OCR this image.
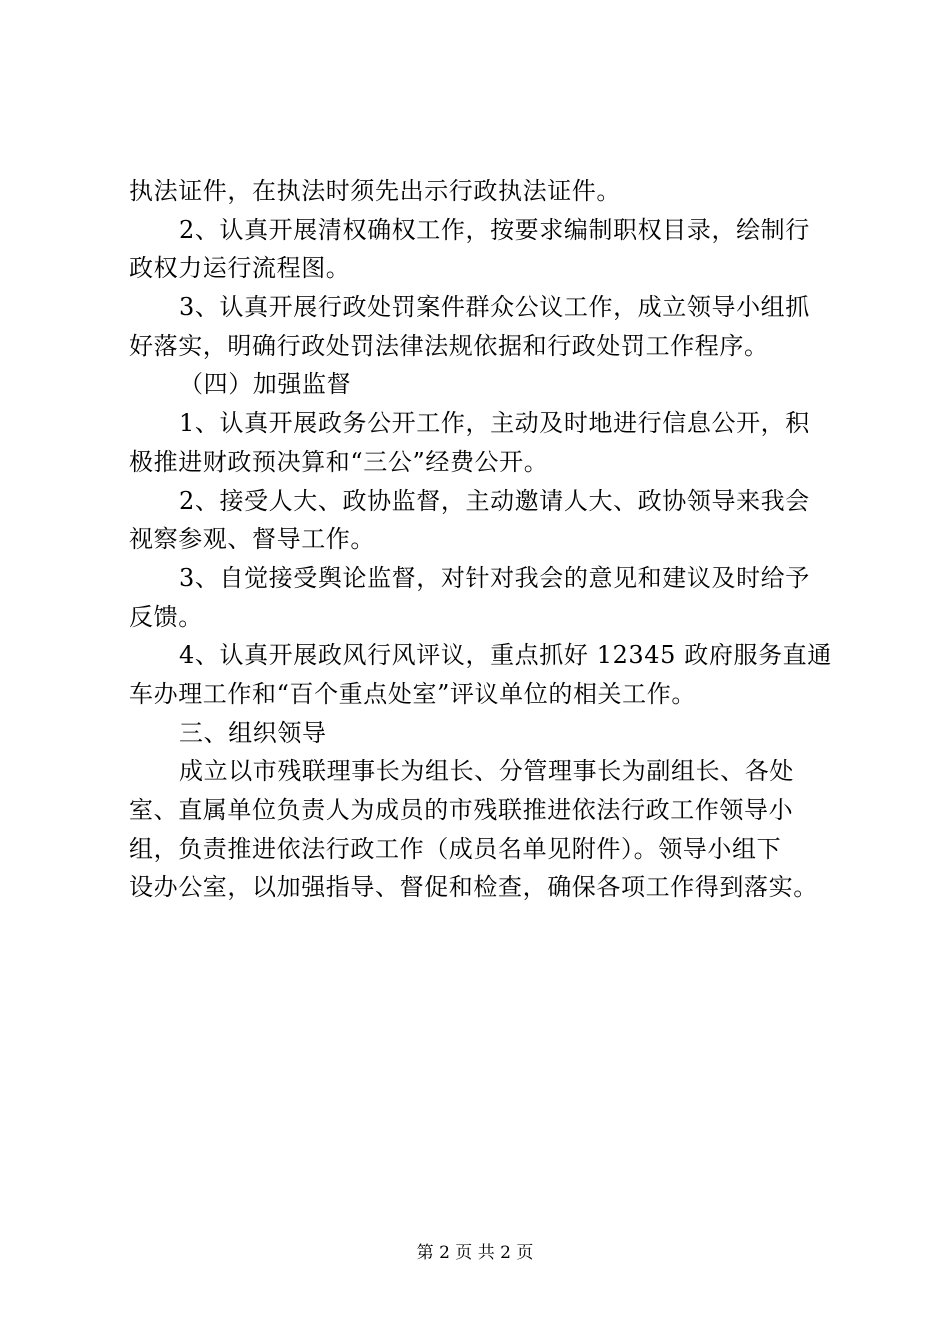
执法证件，在执法时须先出示行政执法证件。
2、认真开展清权确权工作，按要求编制职权目录，绘制行
政权力运行流程图。
3、认真开展行政处罚案件群众公议工作，成立领导小组抓
好落实，明确行政处罚法律法规依据和行政处罚工作程序。
（四）加强监督
1、认真开展政务公开工作，主动及时地进行信息公开，积
极推进财政预决算和“三公”经费公开。
2、接受人大、政协监督，主动邀请人大、政协领导来我会
视察参观、督导工作。
3、自觉接受舆论监督，对针对我会的意见和建议及时给予
反馈。
4、认真开展政风行风评议，重点抓好 12345 政府服务直通
车办理工作和“百个重点处室”评议单位的相关工作。
三、组织领导
成立以市残联理事长为组长、分管理事长为副组长、各处
室、直属单位负责人为成员的市残联推进依法行政工作领导小
组，负责推进依法行政工作（成员名单见附件）。领导小组下
设办公室，以加强指导、督促和检查，确保各项工作得到落实。
第 2 页 共 2 页
